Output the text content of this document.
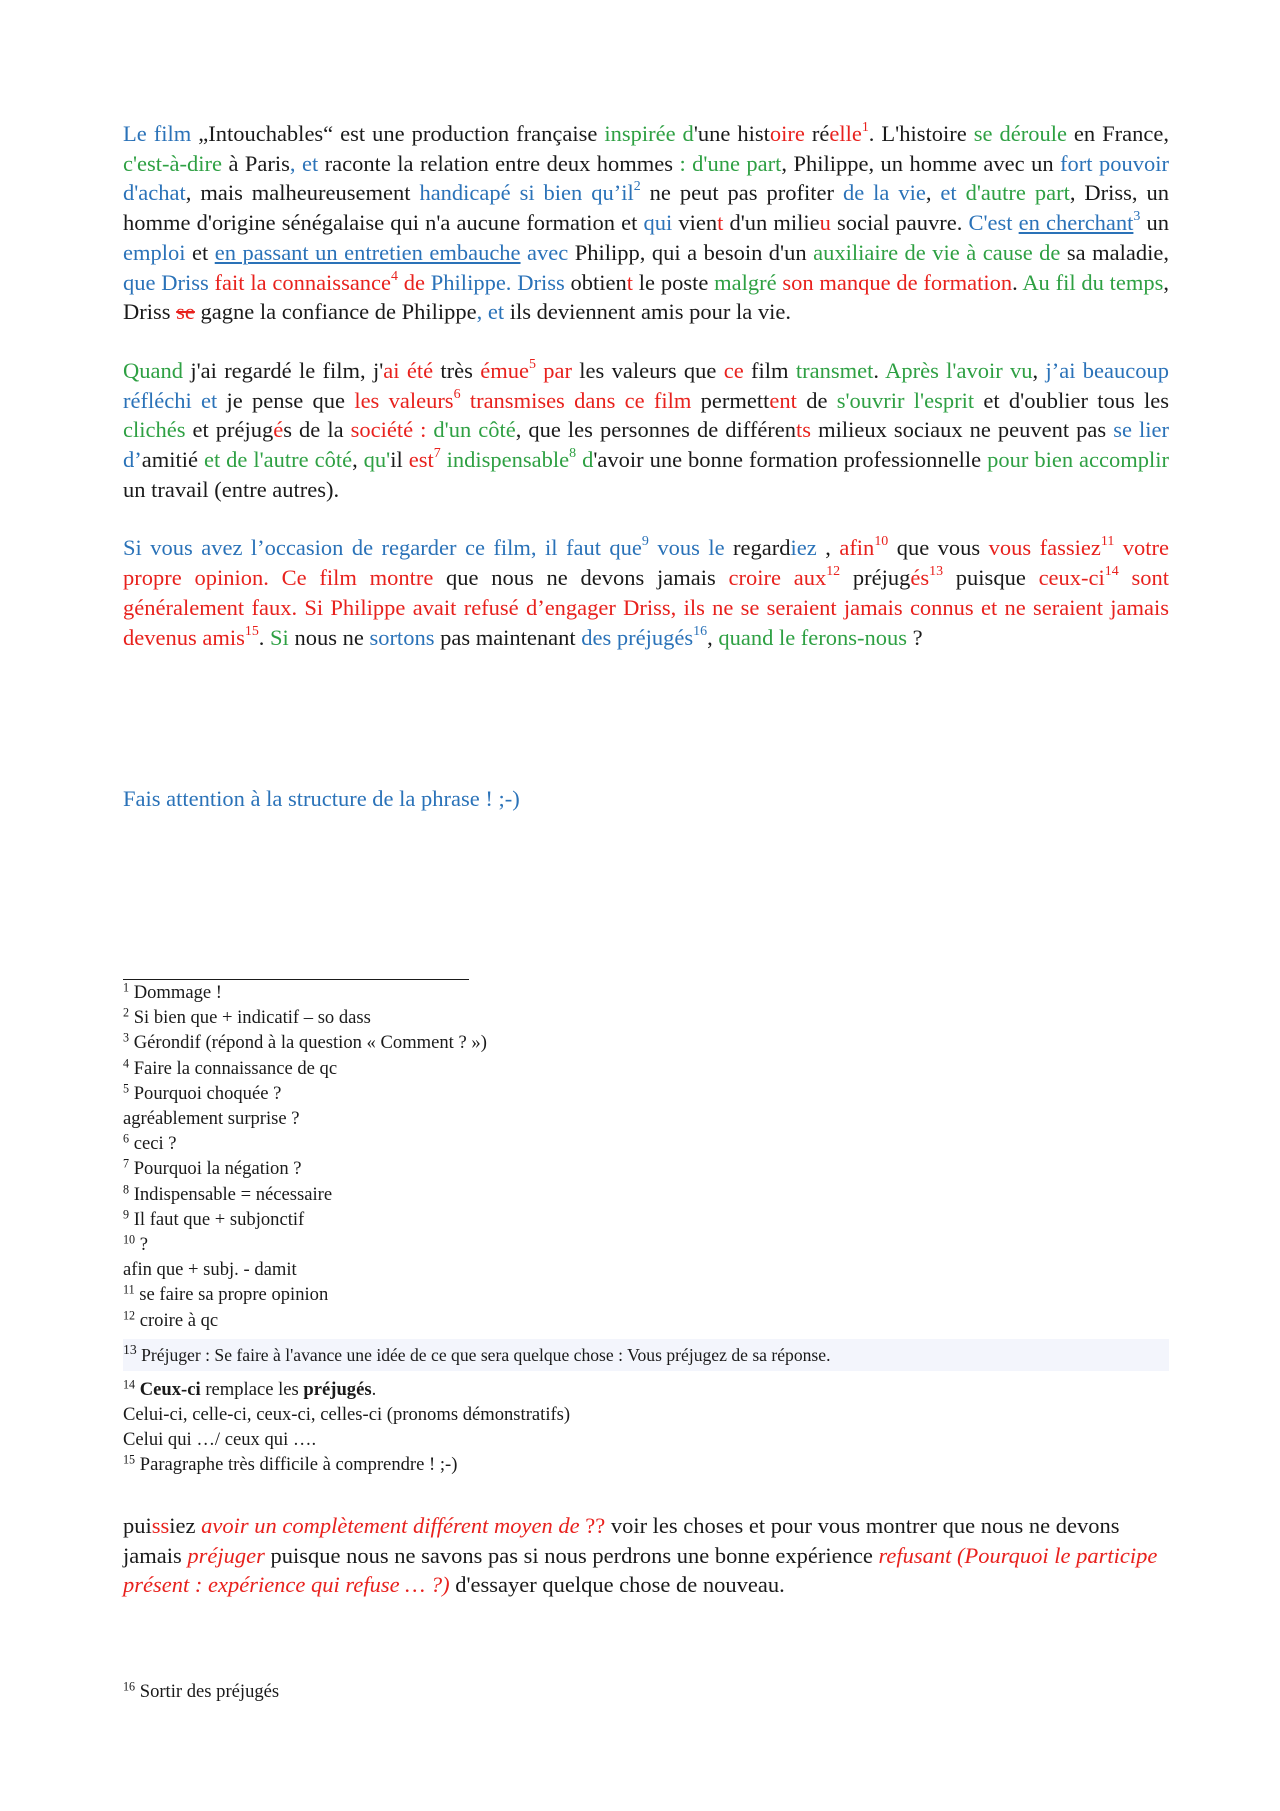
Le film „Intouchables“ est une production française inspirée d'une histoire réelle$^1$. L'histoire se déroule en France, c'est-à-dire à Paris, et raconte la relation entre deux hommes : d'une part, Philippe, un homme avec un fort pouvoir d'achat, mais malheureusement handicapé si bien $qu’il^2$ ne peut pas profiter de la vie, et d'autre part, Driss, un homme d'origine sénégalaise qui n'a aucune formation et qui vient d'un milieu social pauvre. C'est en cherchant$^3$ un emploi et en passant un entretien embauche avec Philipp, qui a besoin d'un auxiliaire de vie à cause de sa maladie, que Driss fait la connaissance$^4$ de Philippe. Driss obtient le poste malgré son manque de formation. Au fil du temps, Driss se gagne la confiance de Philippe, et ils deviennent amis pour la vie.

Quand j'ai regardé le film, j'ai été très émue$^5$ par les valeurs que ce film transmet. Après l'avoir vu, j’ai beaucoup réfléchi et je pense que les valeurs$^6$ transmises dans ce film permettent de s'ouvrir l'esprit et d'oublier tous les clichés et préjugés de la société : d'un côté, que les personnes de différents milieux sociaux ne peuvent pas se lier d’amitié et de l'autre côté, qu'il est$^7$ indispensable$^8$ d'avoir une bonne formation professionnelle pour bien accomplir un travail (entre autres).

Si vous avez l’occasion de regarder ce film, il faut que$^9$ vous le regardiez , afin$^{10}$ que vous vous fassiez$^{11}$ votre propre opinion. Ce film montre que nous ne devons jamais croire aux$^{12}$ préjugés$^{13}$ puisque ceux-$ci^{14}$ sont généralement faux. Si Philippe avait refusé d’engager Driss, ils ne se seraient jamais connus et ne seraient jamais devenus amis$^{15}$. Si nous ne sortons pas maintenant des préjugés$^{16}$, quand le ferons-nous ?

Fais attention à la structure de la phrase ! ;-)

$^1$ Dommage !

$^2$ Si bien que + indicatif – so dass

$^3$ Gérondif (répond à la question « Comment ? »)

$^4$ Faire la connaissance de qc

$^5$ Pourquoi choquée ?

agréablement surprise ?

$^6$ ceci ?

$^7$ Pourquoi la négation ?

$^8$ Indispensable = nécessaire

$^9$ Il faut que + subjonctif

$^{10}$ ?

afin que + subj. - damit

$^{11}$ se faire sa propre opinion

$^{12}$ croire à qc

$^{13}$ Préjuger : Se faire à l'avance une idée de ce que sera quelque chose : Vous préjugez de sa réponse.

$^{14}$ Ceux-ci remplace les préjugés.

Celui-ci, celle-ci, ceux-ci, celles-ci (pronoms démonstratifs)

Celui qui …/ ceux qui ….

$^{15}$ Paragraphe très difficile à comprendre ! ;-)

puissiez avoir un complètement différent moyen de ?? voir les choses et pour vous montrer que nous ne devons jamais préjuger puisque nous ne savons pas si nous perdrons une bonne expérience refusant (Pourquoi le participe présent : expérience qui refuse … ?) d'essayer quelque chose de nouveau.

$^{16}$ Sortir des préjugés
